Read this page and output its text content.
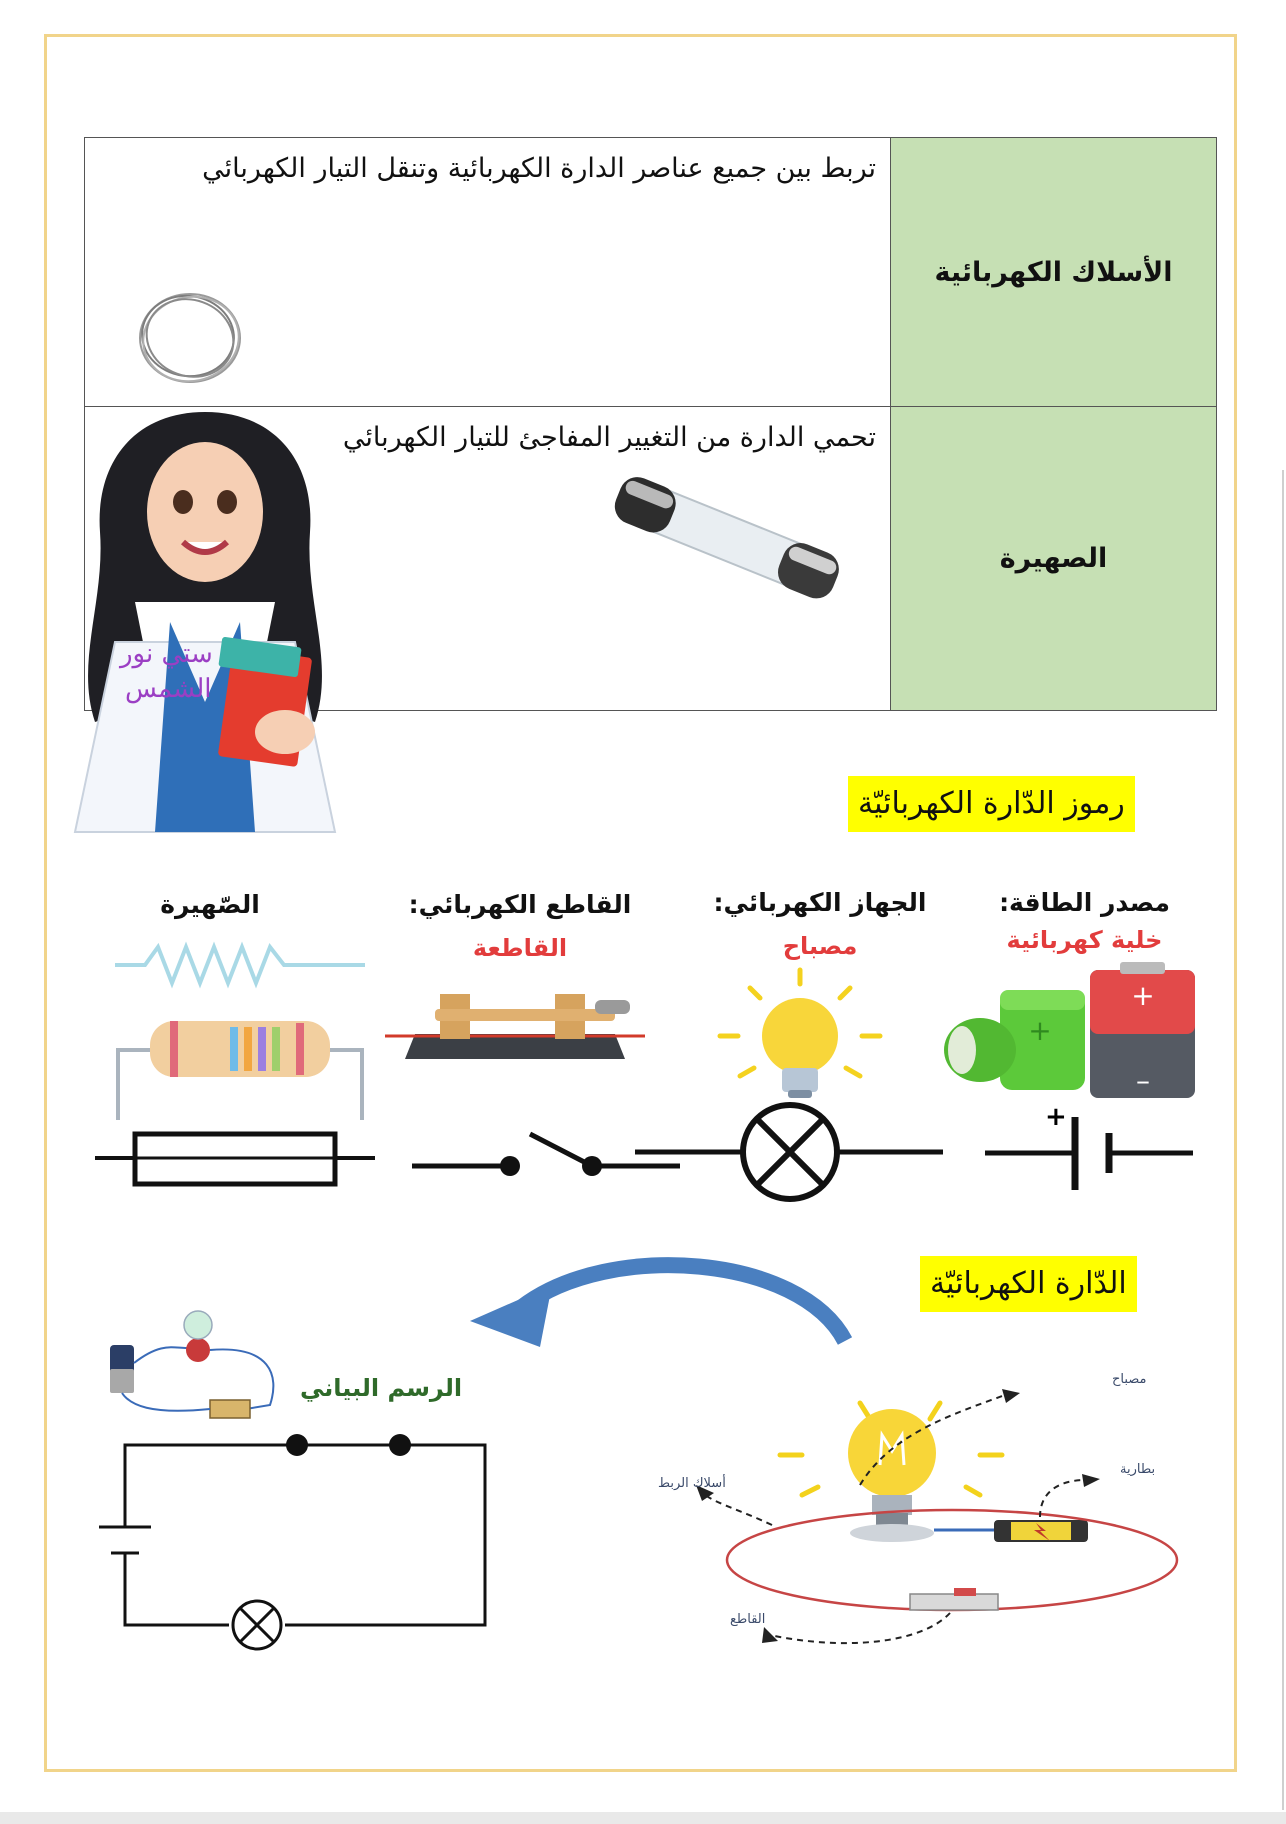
الأسلاك الكهربائية
تربط بين جميع عناصر الدارة الكهربائية وتنقل التيار الكهربائي
الصهيرة
تحمي الدارة من التغيير المفاجئ للتيار الكهربائي
ستي نور
الشمس
رموز الدّارة الكهربائيّة
مصدر الطاقة:
خلية كهربائية
الجهاز الكهربائي:
مصباح
القاطع الكهربائي:
القاطعة
الصّهيرة
+
–
+
+
الدّارة الكهربائيّة
الرسم البياني	مصباح
بطارية
أسلاك الربط
القاطع
